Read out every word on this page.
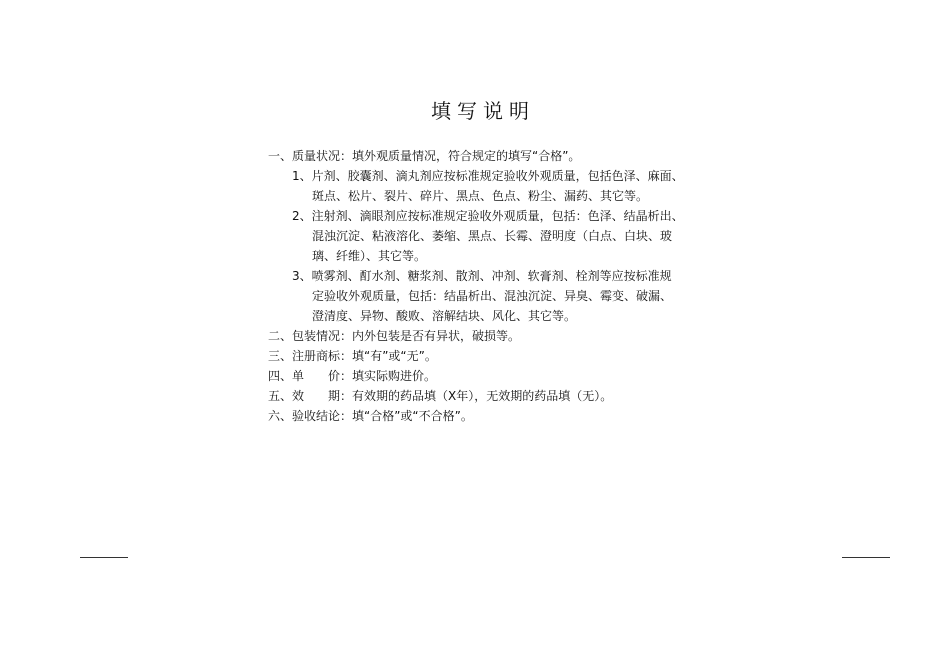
填写说明
一、质量状况：填外观质量情况，符合规定的填写“合格”。
1、片剂、胶囊剂、滴丸剂应按标准规定验收外观质量，包括色泽、麻面、
斑点、松片、裂片、碎片、黑点、色点、粉尘、漏药、其它等。
2、注射剂、滴眼剂应按标准规定验收外观质量，包括：色泽、结晶析出、
混浊沉淀、粘液溶化、萎缩、黑点、长霉、澄明度（白点、白块、玻
璃、纤维）、其它等。
3、喷雾剂、酊水剂、糖浆剂、散剂、冲剂、软膏剂、栓剂等应按标准规
定验收外观质量，包括：结晶析出、混浊沉淀、异臭、霉变、破漏、
澄清度、异物、酸败、溶解结块、风化、其它等。
二、包装情况：内外包装是否有异状，破损等。
三、注册商标：填“有”或“无”。
四、单　　价：填实际购进价。
五、效　　期：有效期的药品填（X年），无效期的药品填（无）。
六、验收结论：填“合格”或“不合格”。
